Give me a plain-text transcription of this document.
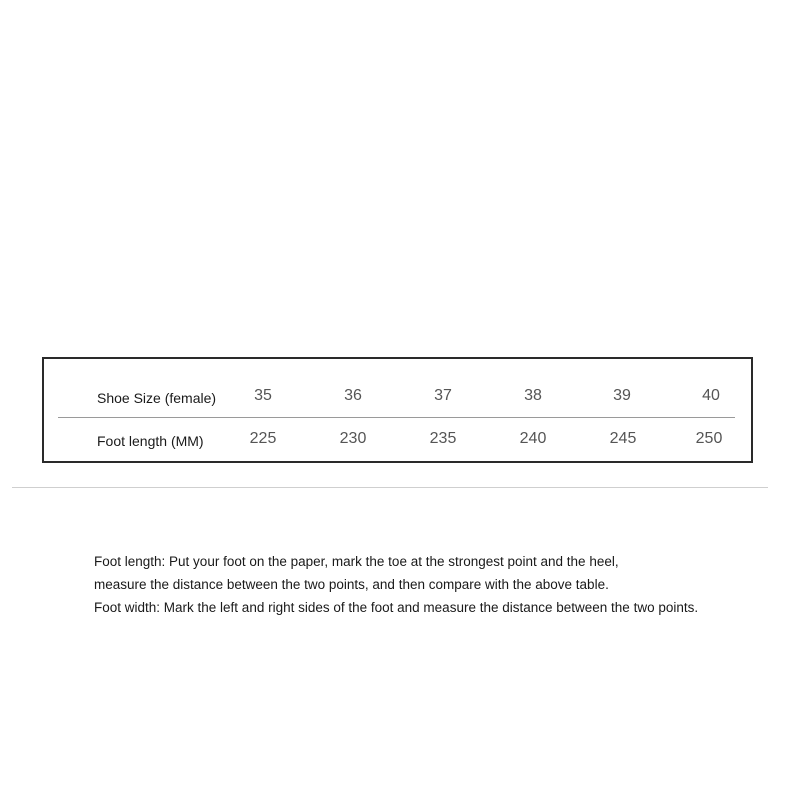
Shoe Size (female)	35	36	37	38	39	40
Foot length (MM)	225	230	235	240	245	250

Foot length: Put your foot on the paper, mark the toe at the strongest point and the heel,

measure the distance between the two points, and then compare with the above table.

Foot width: Mark the left and right sides of the foot and measure the distance between the two points.
